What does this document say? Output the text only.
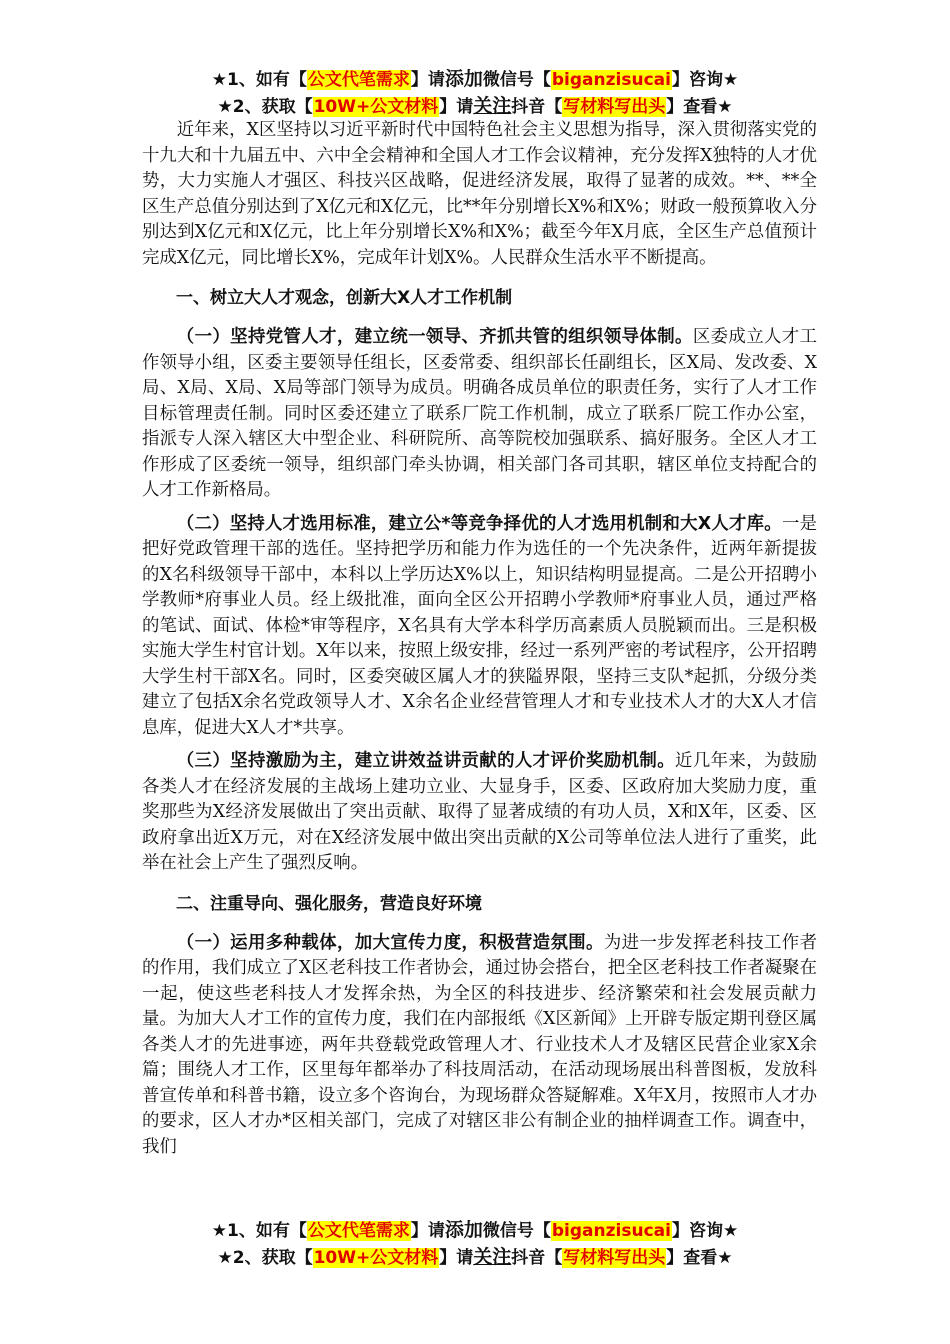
★1、如有【公文代笔需求】请添加微信号【biganzisucai】咨询★
★2、获取【10W+公文材料】请关注抖音【写材料写出头】查看★

近年来，X区坚持以习近平新时代中国特色社会主义思想为指导，深入贯彻落实党的十九大和十九届五中、六中全会精神和全国人才工作会议精神，充分发挥X独特的人才优势，大力实施人才强区、科技兴区战略，促进经济发展，取得了显著的成效。**、**全区生产总值分别达到了X亿元和X亿元，比**年分别增长X%和X%；财政一般预算收入分别达到X亿元和X亿元，比上年分别增长X%和X%；截至今年X月底，全区生产总值预计完成X亿元，同比增长X%，完成年计划X%。人民群众生活水平不断提高。

一、树立大人才观念，创新大X人才工作机制

（一）坚持党管人才，建立统一领导、齐抓共管的组织领导体制。区委成立人才工作领导小组，区委主要领导任组长，区委常委、组织部长任副组长，区X局、发改委、X局、X局、X局、X局等部门领导为成员。明确各成员单位的职责任务，实行了人才工作目标管理责任制。同时区委还建立了联系厂院工作机制，成立了联系厂院工作办公室，指派专人深入辖区大中型企业、科研院所、高等院校加强联系、搞好服务。全区人才工作形成了区委统一领导，组织部门牵头协调，相关部门各司其职，辖区单位支持配合的人才工作新格局。

（二）坚持人才选用标准，建立公*等竞争择优的人才选用机制和大X人才库。一是把好党政管理干部的选任。坚持把学历和能力作为选任的一个先决条件，近两年新提拔的X名科级领导干部中，本科以上学历达X%以上，知识结构明显提高。二是公开招聘小学教师*府事业人员。经上级批准，面向全区公开招聘小学教师*府事业人员，通过严格的笔试、面试、体检*审等程序，X名具有大学本科学历高素质人员脱颖而出。三是积极实施大学生村官计划。X年以来，按照上级安排，经过一系列严密的考试程序，公开招聘大学生村干部X名。同时，区委突破区属人才的狭隘界限，坚持三支队*起抓，分级分类建立了包括X余名党政领导人才、X余名企业经营管理人才和专业技术人才的大X人才信息库，促进大X人才*共享。

（三）坚持激励为主，建立讲效益讲贡献的人才评价奖励机制。近几年来，为鼓励各类人才在经济发展的主战场上建功立业、大显身手，区委、区政府加大奖励力度，重奖那些为X经济发展做出了突出贡献、取得了显著成绩的有功人员，X和X年，区委、区政府拿出近X万元，对在X经济发展中做出突出贡献的X公司等单位法人进行了重奖，此举在社会上产生了强烈反响。

二、注重导向、强化服务，营造良好环境

（一）运用多种载体，加大宣传力度，积极营造氛围。为进一步发挥老科技工作者的作用，我们成立了X区老科技工作者协会，通过协会搭台，把全区老科技工作者凝聚在一起，使这些老科技人才发挥余热，为全区的科技进步、经济繁荣和社会发展贡献力量。为加大人才工作的宣传力度，我们在内部报纸《X区新闻》上开辟专版定期刊登区属各类人才的先进事迹，两年共登载党政管理人才、行业技术人才及辖区民营企业家X余篇；围绕人才工作，区里每年都举办了科技周活动，在活动现场展出科普图板，发放科普宣传单和科普书籍，设立多个咨询台，为现场群众答疑解难。X年X月，按照市人才办的要求，区人才办*区相关部门，完成了对辖区非公有制企业的抽样调查工作。调查中，我们

★1、如有【公文代笔需求】请添加微信号【biganzisucai】咨询★
★2、获取【10W+公文材料】请关注抖音【写材料写出头】查看★
